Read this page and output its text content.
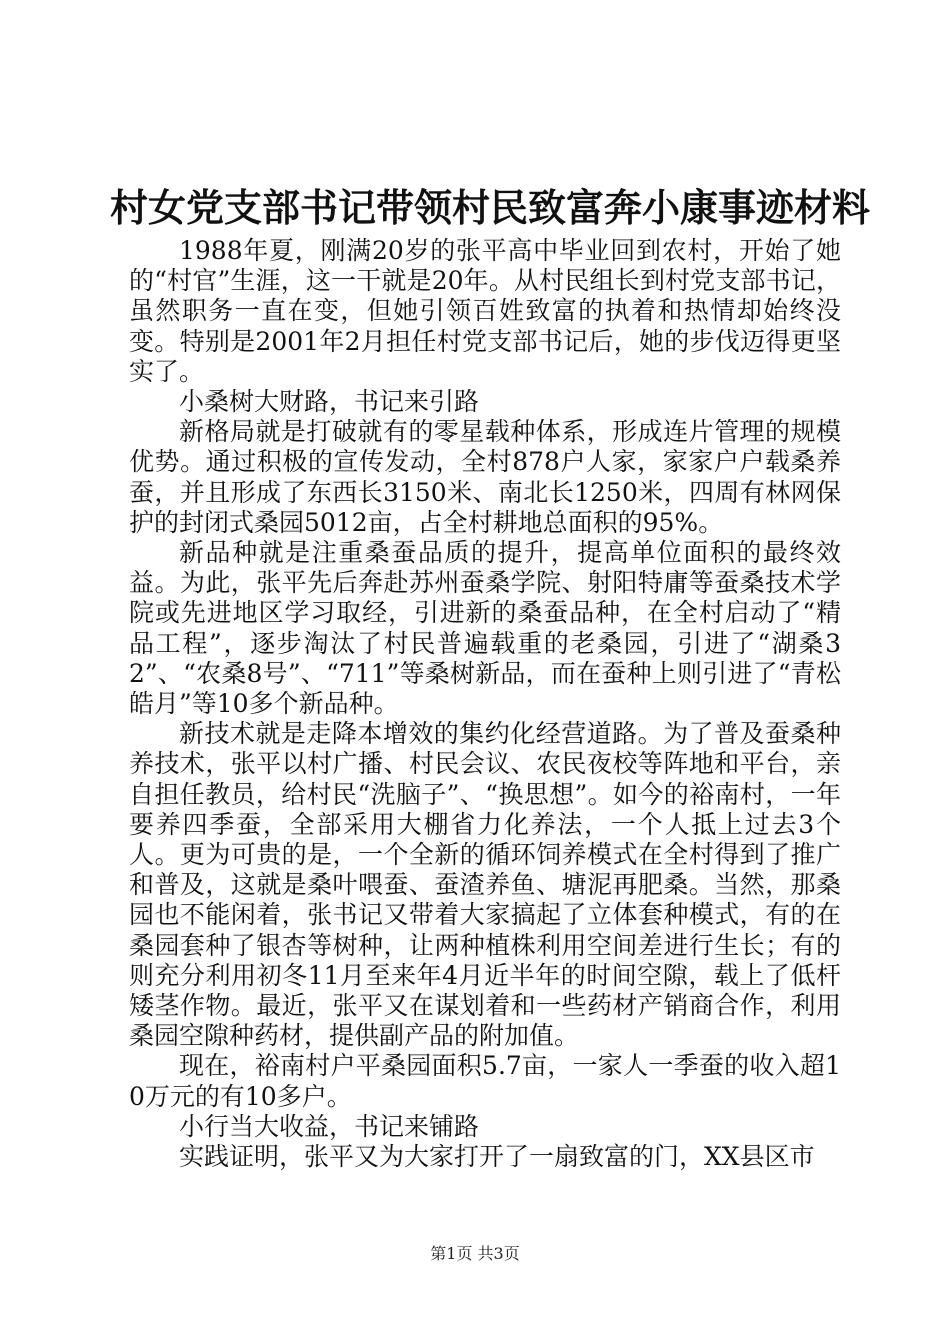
村女党支部书记带领村民致富奔小康事迹材料

1988年夏，刚满20岁的张平高中毕业回到农村，开始了她的“村官”生涯，这一干就是20年。从村民组长到村党支部书记，虽然职务一直在变，但她引领百姓致富的执着和热情却始终没变。特别是2001年2月担任村党支部书记后，她的步伐迈得更坚实了。

小桑树大财路，书记来引路

新格局就是打破就有的零星载种体系，形成连片管理的规模优势。通过积极的宣传发动，全村878户人家，家家户户载桑养蚕，并且形成了东西长3150米、南北长1250米，四周有林网保护的封闭式桑园5012亩，占全村耕地总面积的95%。

新品种就是注重桑蚕品质的提升，提高单位面积的最终效益。为此，张平先后奔赴苏州蚕桑学院、射阳特庸等蚕桑技术学院或先进地区学习取经，引进新的桑蚕品种，在全村启动了“精品工程”，逐步淘汰了村民普遍载重的老桑园，引进了“湖桑32”、“农桑8号”、“711”等桑树新品，而在蚕种上则引进了“青松皓月”等10多个新品种。

新技术就是走降本增效的集约化经营道路。为了普及蚕桑种养技术，张平以村广播、村民会议、农民夜校等阵地和平台，亲自担任教员，给村民“洗脑子”、“换思想”。如今的裕南村，一年要养四季蚕，全部采用大棚省力化养法，一个人抵上过去3个人。更为可贵的是，一个全新的循环饲养模式在全村得到了推广和普及，这就是桑叶喂蚕、蚕渣养鱼、塘泥再肥桑。当然，那桑园也不能闲着，张书记又带着大家搞起了立体套种模式，有的在桑园套种了银杏等树种，让两种植株利用空间差进行生长；有的则充分利用初冬11月至来年4月近半年的时间空隙，载上了低杆矮茎作物。最近，张平又在谋划着和一些药材产销商合作，利用桑园空隙种药材，提供副产品的附加值。

现在，裕南村户平桑园面积5.7亩，一家人一季蚕的收入超10万元的有10多户。

小行当大收益，书记来铺路

实践证明，张平又为大家打开了一扇致富的门，XX县区市

第1页 共3页
